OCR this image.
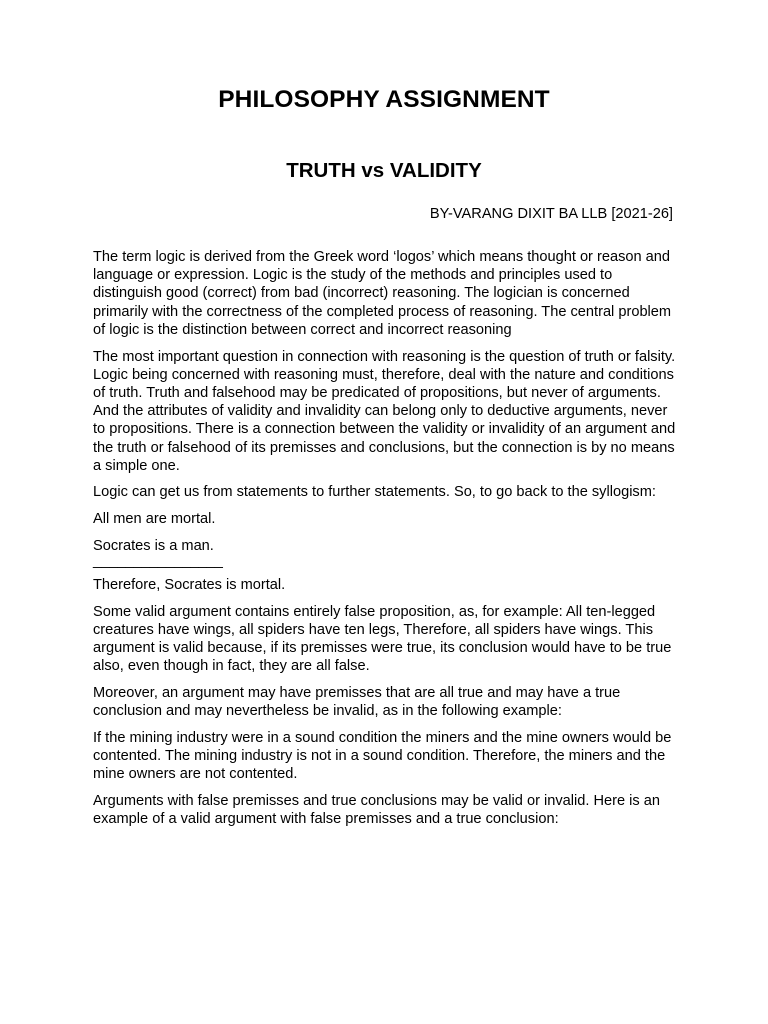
PHILOSOPHY ASSIGNMENT
TRUTH vs VALIDITY

BY-VARANG DIXIT BA LLB [2021-26]

The term logic is derived from the Greek word ‘logos’ which means thought or reason and language or expression. Logic is the study of the methods and principles used to distinguish good (correct) from bad (incorrect) reasoning. The logician is concerned primarily with the correctness of the completed process of reasoning. The central problem of logic is the distinction between correct and incorrect reasoning

The most important question in connection with reasoning is the question of truth or falsity. Logic being concerned with reasoning must, therefore, deal with the nature and conditions of truth. Truth and falsehood may be predicated of propositions, but never of arguments. And the attributes of validity and invalidity can belong only to deductive arguments, never to propositions. There is a connection between the validity or invalidity of an argument and the truth or falsehood of its premisses and conclusions, but the connection is by no means a simple one.

Logic can get us from statements to further statements. So, to go back to the syllogism:

All men are mortal.

Socrates is a man.

________________

Therefore, Socrates is mortal.

Some valid argument contains entirely false proposition, as, for example: All ten-legged creatures have wings, all spiders have ten legs, Therefore, all spiders have wings. This argument is valid because, if its premisses were true, its conclusion would have to be true also, even though in fact, they are all false.

Moreover, an argument may have premisses that are all true and may have a true conclusion and may nevertheless be invalid, as in the following example:

If the mining industry were in a sound condition the miners and the mine owners would be contented. The mining industry is not in a sound condition. Therefore, the miners and the mine owners are not contented.

Arguments with false premisses and true conclusions may be valid or invalid. Here is an example of a valid argument with false premisses and a true conclusion:
